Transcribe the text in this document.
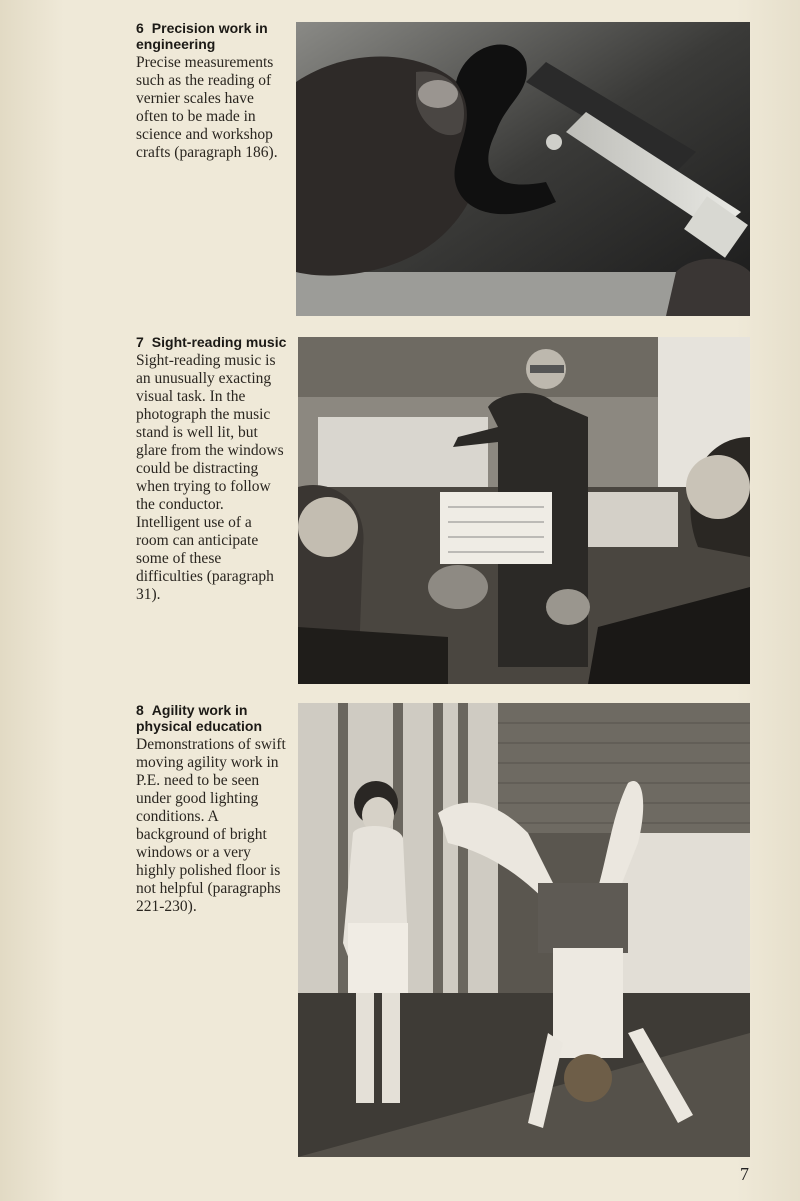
6 Precision work in engineering

Precise measurements such as the reading of vernier scales have often to be made in science and workshop crafts (paragraph 186).

7 Sight-reading music

Sight-reading music is an unusually exacting visual task. In the photograph the music stand is well lit, but glare from the windows could be distracting when trying to follow the conductor. Intelligent use of a room can anticipate some of these difficulties (paragraph 31).

8 Agility work in physical education

Demonstrations of swift moving agility work in P.E. need to be seen under good lighting conditions. A background of bright windows or a very highly polished floor is not helpful (paragraphs 221-230).

7
